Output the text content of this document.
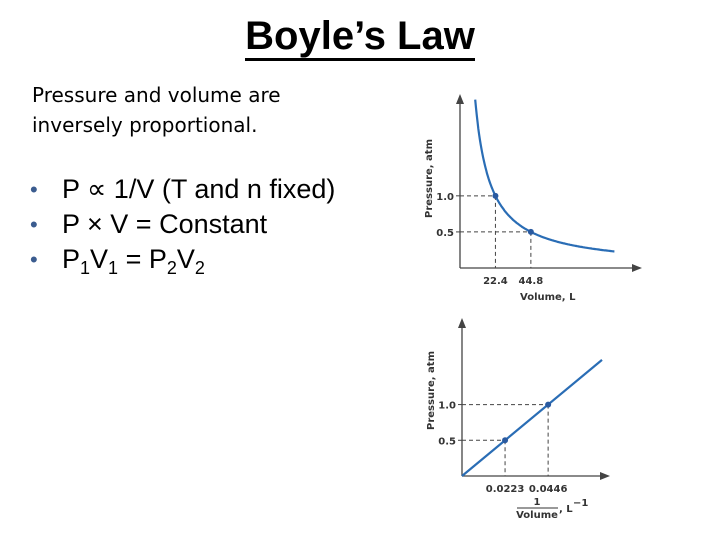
Boyle’s Law
Pressure and volume are inversely proportional.
• P ∝ 1/V (T and n fixed)
• P × V = Constant
• $P_1V_1 = P_2V_2$
1.0
0.5
22.4 44.8
Volume, L
Pressure, atm
1.0
0.5
0.0223 0.0446
1
Volume
, L
−1
Pressure, atm
